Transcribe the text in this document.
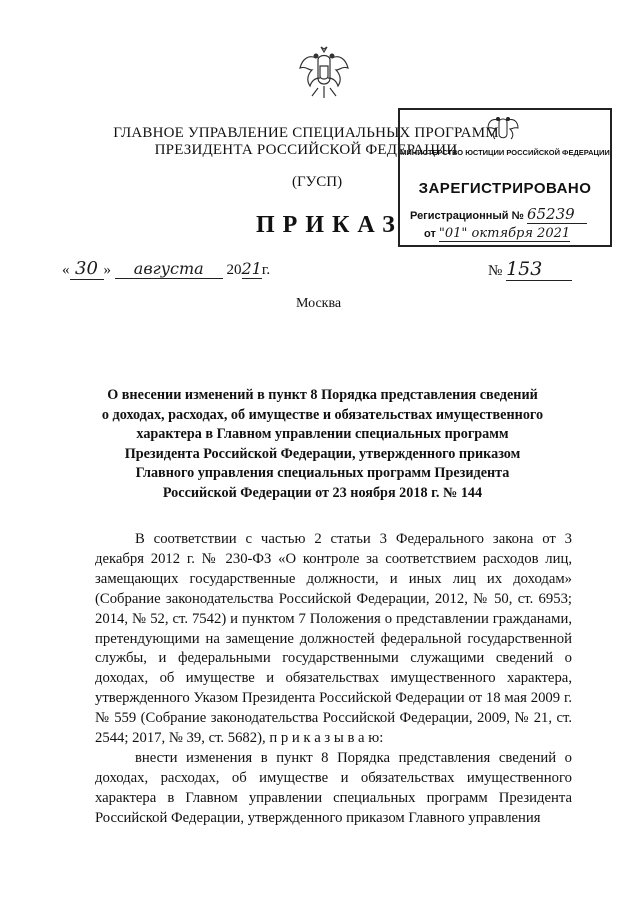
ГЛАВНОЕ УПРАВЛЕНИЕ СПЕЦИАЛЬНЫХ ПРОГРАММ
ПРЕЗИДЕНТА РОССИЙСКОЙ ФЕДЕРАЦИИ
(ГУСП)
МИНИСТЕРСТВО ЮСТИЦИИ РОССИЙСКОЙ ФЕДЕРАЦИИ
ЗАРЕГИСТРИРОВАНО
Регистрационный № 65239
от "01" октября 2021
ПРИКАЗ
« 30 » августа 2021г.	№ 153
Москва
О внесении изменений в пункт 8 Порядка представления сведений
о доходах, расходах, об имуществе и обязательствах имущественного
характера в Главном управлении специальных программ
Президента Российской Федерации, утвержденного приказом
Главного управления специальных программ Президента
Российской Федерации от 23 ноября 2018 г. № 144

В соответствии с частью 2 статьи 3 Федерального закона от 3 декабря 2012 г. № 230-ФЗ «О контроле за соответствием расходов лиц, замещающих государственные должности, и иных лиц их доходам» (Собрание законодательства Российской Федерации, 2012, № 50, ст. 6953; 2014, № 52, ст. 7542) и пунктом 7 Положения о представлении гражданами, претендующими на замещение должностей федеральной государственной службы, и федеральными государственными служащими сведений о доходах, об имуществе и обязательствах имущественного характера, утвержденного Указом Президента Российской Федерации от 18 мая 2009 г. № 559 (Собрание законодательства Российской Федерации, 2009, № 21, ст. 2544; 2017, № 39, ст. 5682), п р и к а з ы в а ю:

внести изменения в пункт 8 Порядка представления сведений о доходах, расходах, об имуществе и обязательствах имущественного характера в Главном управлении специальных программ Президента Российской Федерации, утвержденного приказом Главного управления
